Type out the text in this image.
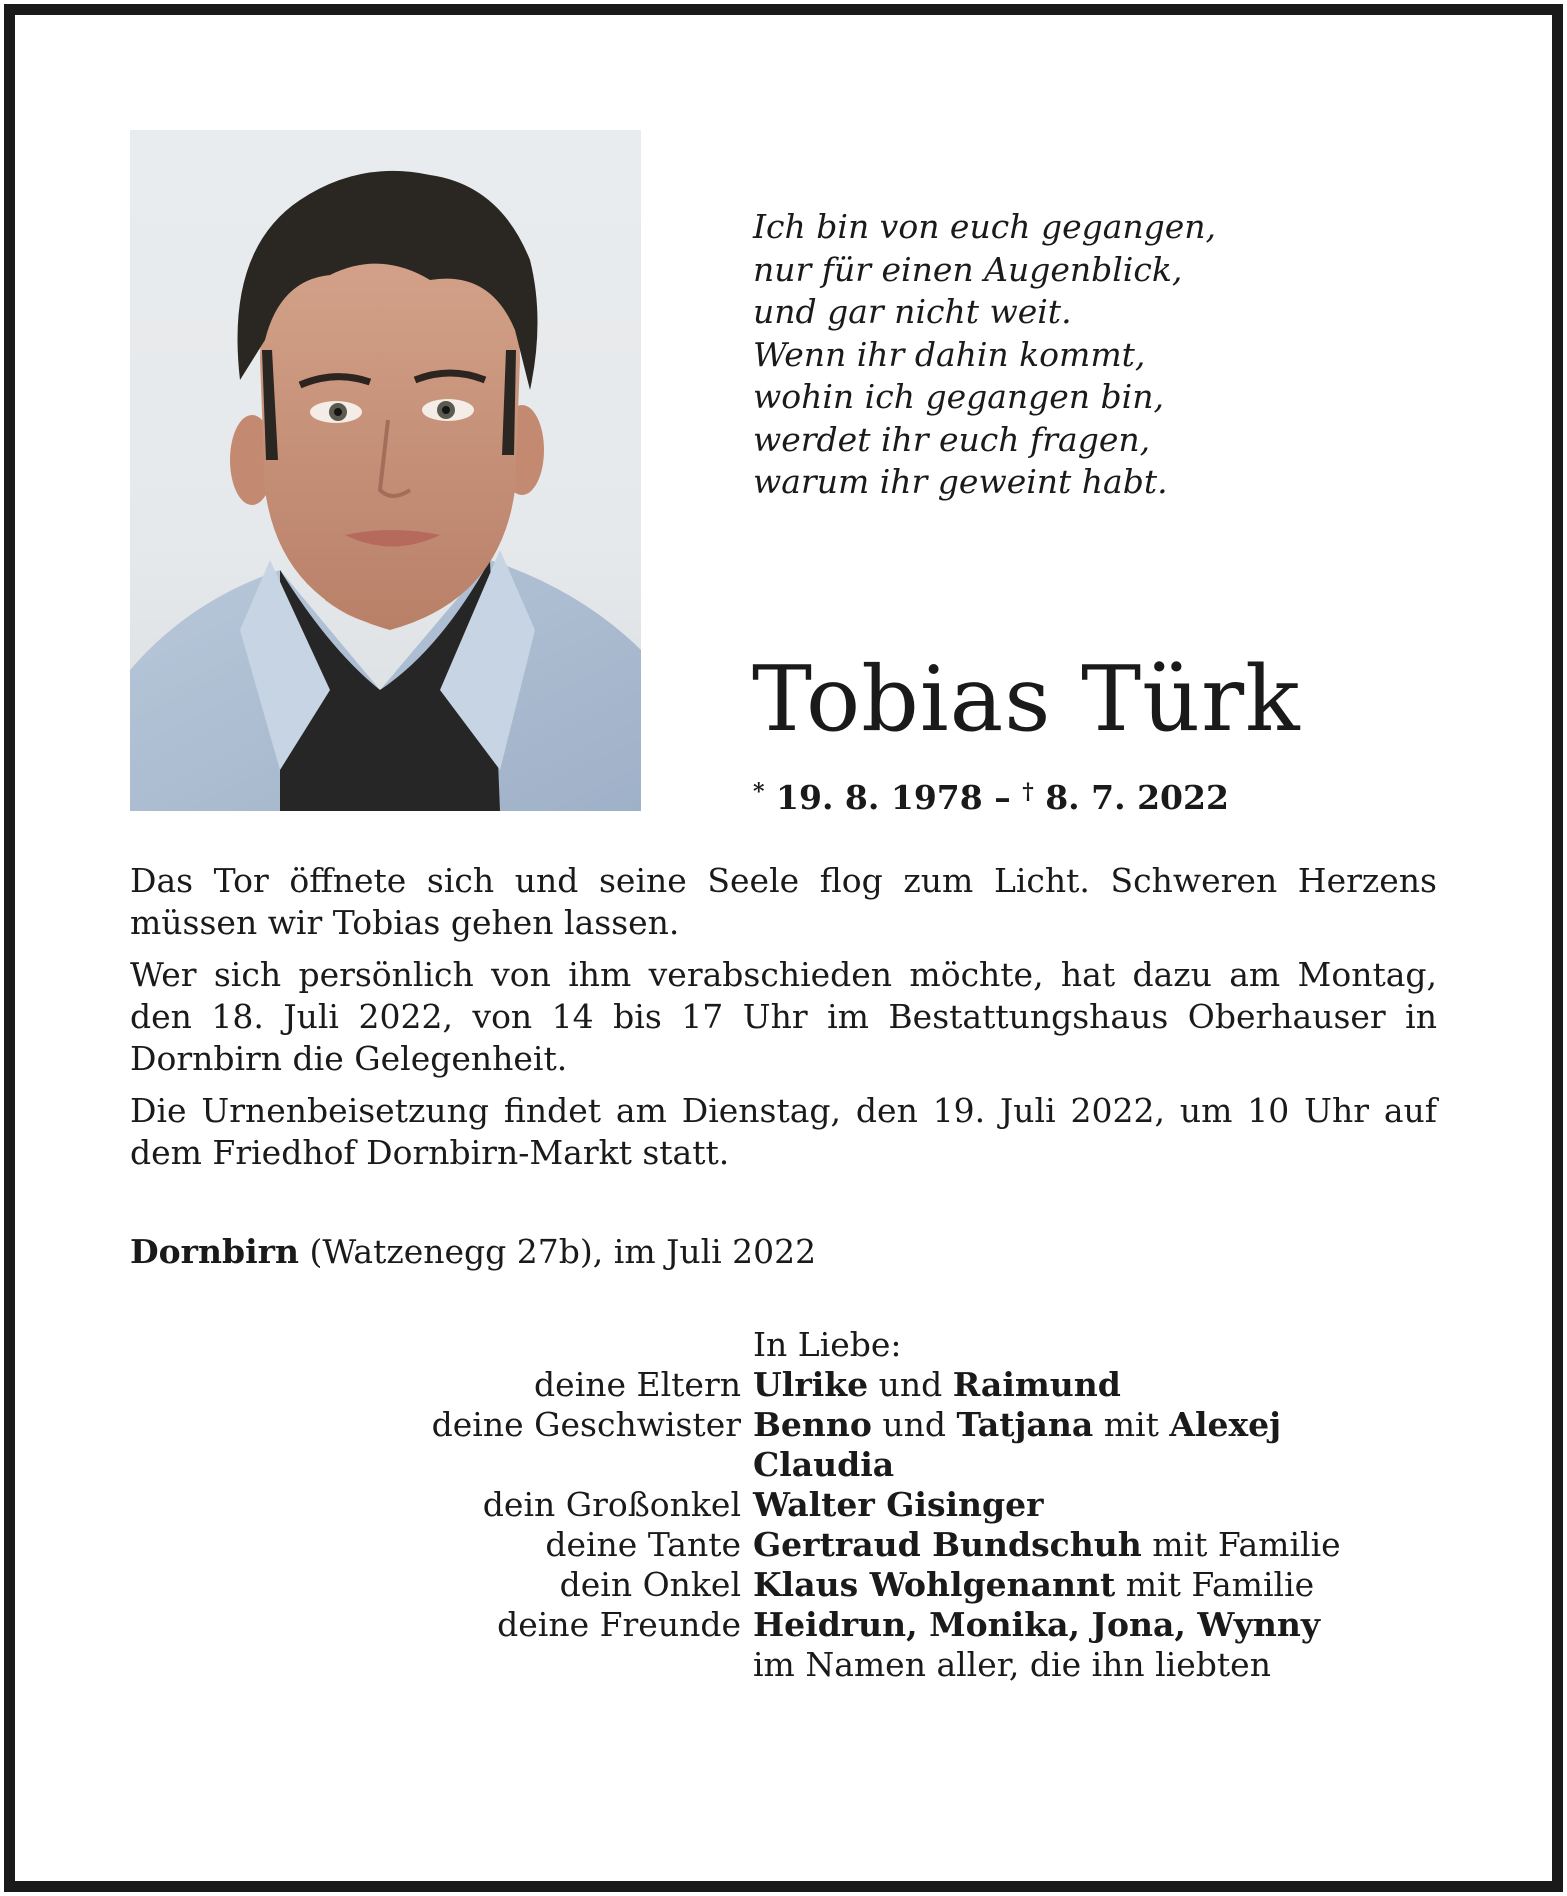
Ich bin von euch gegangen,
nur für einen Augenblick,
und gar nicht weit.
Wenn ihr dahin kommt,
wohin ich gegangen bin,
werdet ihr euch fragen,
warum ihr geweint habt.
Tobias Türk
* 19. 8. 1978 – † 8. 7. 2022

Das Tor öffnete sich und seine Seele flog zum Licht. Schweren Herzens müssen wir Tobias gehen lassen.

Wer sich persönlich von ihm verabschieden möchte, hat dazu am Montag, den 18. Juli 2022, von 14 bis 17 Uhr im Bestattungshaus Oberhauser in Dornbirn die Gelegenheit.

Die Urnenbeisetzung findet am Dienstag, den 19. Juli 2022, um 10 Uhr auf dem Friedhof Dornbirn-Markt statt.

Dornbirn (Watzenegg 27b), im Juli 2022
In Liebe:
deine Eltern Ulrike und Raimund
deine Geschwister Benno und Tatjana mit Alexej
Claudia
dein Großonkel Walter Gisinger
deine Tante Gertraud Bundschuh mit Familie
dein Onkel Klaus Wohlgenannt mit Familie
deine Freunde Heidrun, Monika, Jona, Wynny
im Namen aller, die ihn liebten
